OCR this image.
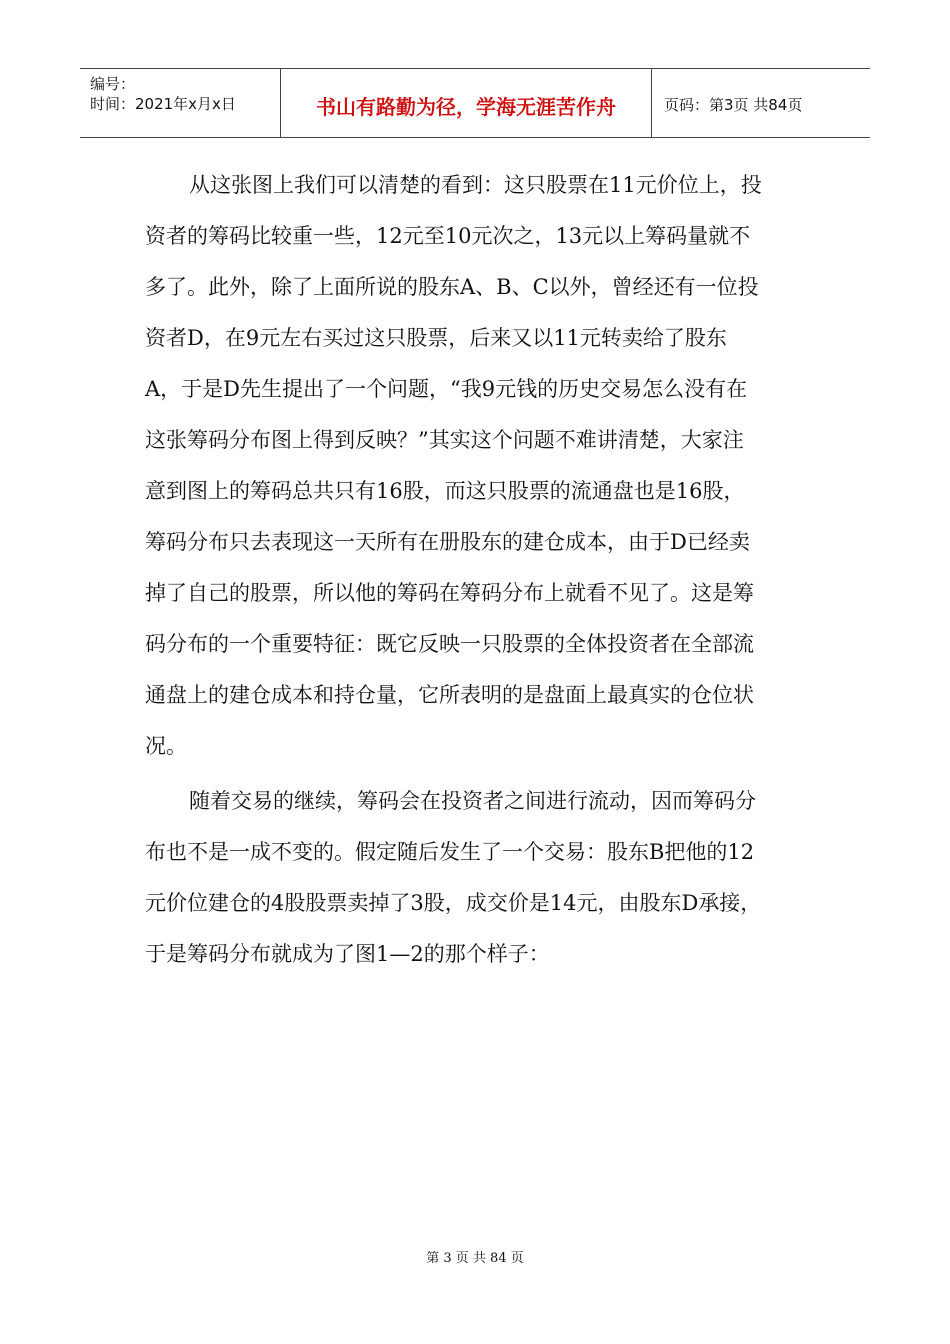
编号：
时间：2021年x月x日	书山有路勤为径，学海无涯苦作舟	页码：第3页 共84页
从这张图上我们可以清楚的看到：这只股票在11元价位上，投
资者的筹码比较重一些，12元至10元次之，13元以上筹码量就不
多了。此外，除了上面所说的股东A、B、C以外，曾经还有一位投
资者D，在9元左右买过这只股票，后来又以11元转卖给了股东
A，于是D先生提出了一个问题，“我9元钱的历史交易怎么没有在
这张筹码分布图上得到反映？”其实这个问题不难讲清楚，大家注
意到图上的筹码总共只有16股，而这只股票的流通盘也是16股，
筹码分布只去表现这一天所有在册股东的建仓成本，由于D已经卖
掉了自己的股票，所以他的筹码在筹码分布上就看不见了。这是筹
码分布的一个重要特征：既它反映一只股票的全体投资者在全部流
通盘上的建仓成本和持仓量，它所表明的是盘面上最真实的仓位状
况。
随着交易的继续，筹码会在投资者之间进行流动，因而筹码分
布也不是一成不变的。假定随后发生了一个交易：股东B把他的12
元价位建仓的4股股票卖掉了3股，成交价是14元，由股东D承接，
于是筹码分布就成为了图1—2的那个样子：
第 3 页 共 84 页
